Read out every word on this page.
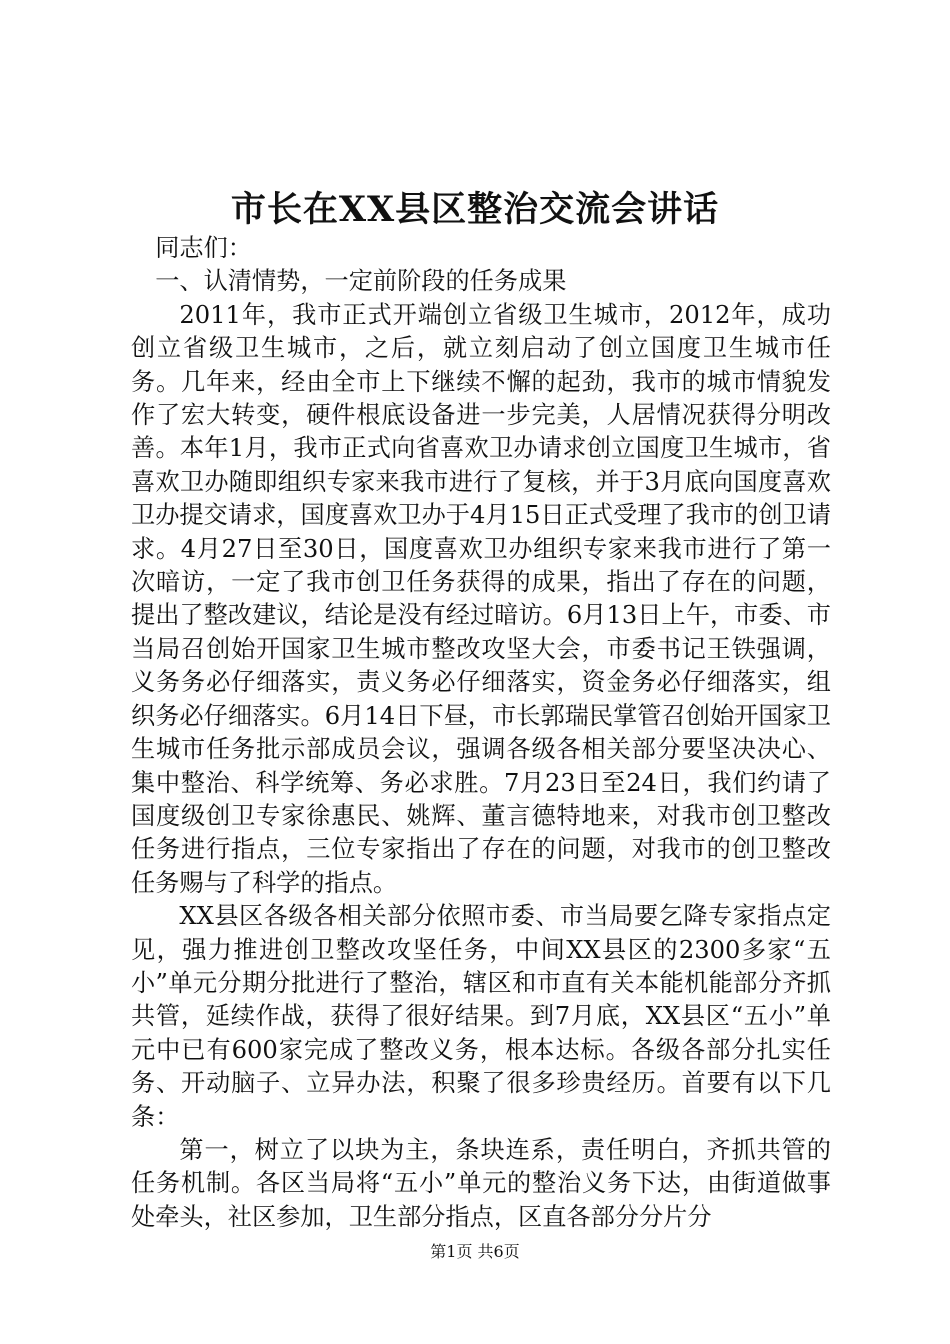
市长在XX县区整治交流会讲话

同志们：

一、认清情势，一定前阶段的任务成果

2011年，我市正式开端创立省级卫生城市，2012年，成功创立省级卫生城市，之后，就立刻启动了创立国度卫生城市任务。几年来，经由全市上下继续不懈的起劲，我市的城市情貌发作了宏大转变，硬件根底设备进一步完美，人居情况获得分明改善。本年1月，我市正式向省喜欢卫办请求创立国度卫生城市，省喜欢卫办随即组织专家来我市进行了复核，并于3月底向国度喜欢卫办提交请求，国度喜欢卫办于4月15日正式受理了我市的创卫请求。4月27日至30日，国度喜欢卫办组织专家来我市进行了第一次暗访，一定了我市创卫任务获得的成果，指出了存在的问题，提出了整改建议，结论是没有经过暗访。6月13日上午，市委、市当局召创始开国家卫生城市整改攻坚大会，市委书记王铁强调，义务务必仔细落实，责义务必仔细落实，资金务必仔细落实，组织务必仔细落实。6月14日下昼，市长郭瑞民掌管召创始开国家卫生城市任务批示部成员会议，强调各级各相关部分要坚决决心、集中整治、科学统筹、务必求胜。7月23日至24日，我们约请了国度级创卫专家徐惠民、姚辉、董言德特地来，对我市创卫整改任务进行指点，三位专家指出了存在的问题，对我市的创卫整改任务赐与了科学的指点。

XX县区各级各相关部分依照市委、市当局要乞降专家指点定见，强力推进创卫整改攻坚任务，中间XX县区的2300多家“五小”单元分期分批进行了整治，辖区和市直有关本能机能部分齐抓共管，延续作战，获得了很好结果。到7月底，XX县区“五小”单元中已有600家完成了整改义务，根本达标。各级各部分扎实任务、开动脑子、立异办法，积聚了很多珍贵经历。首要有以下几条：

第一，树立了以块为主，条块连系，责任明白，齐抓共管的任务机制。各区当局将“五小”单元的整治义务下达，由街道做事处牵头，社区参加，卫生部分指点，区直各部分分片分

第1页 共6页
